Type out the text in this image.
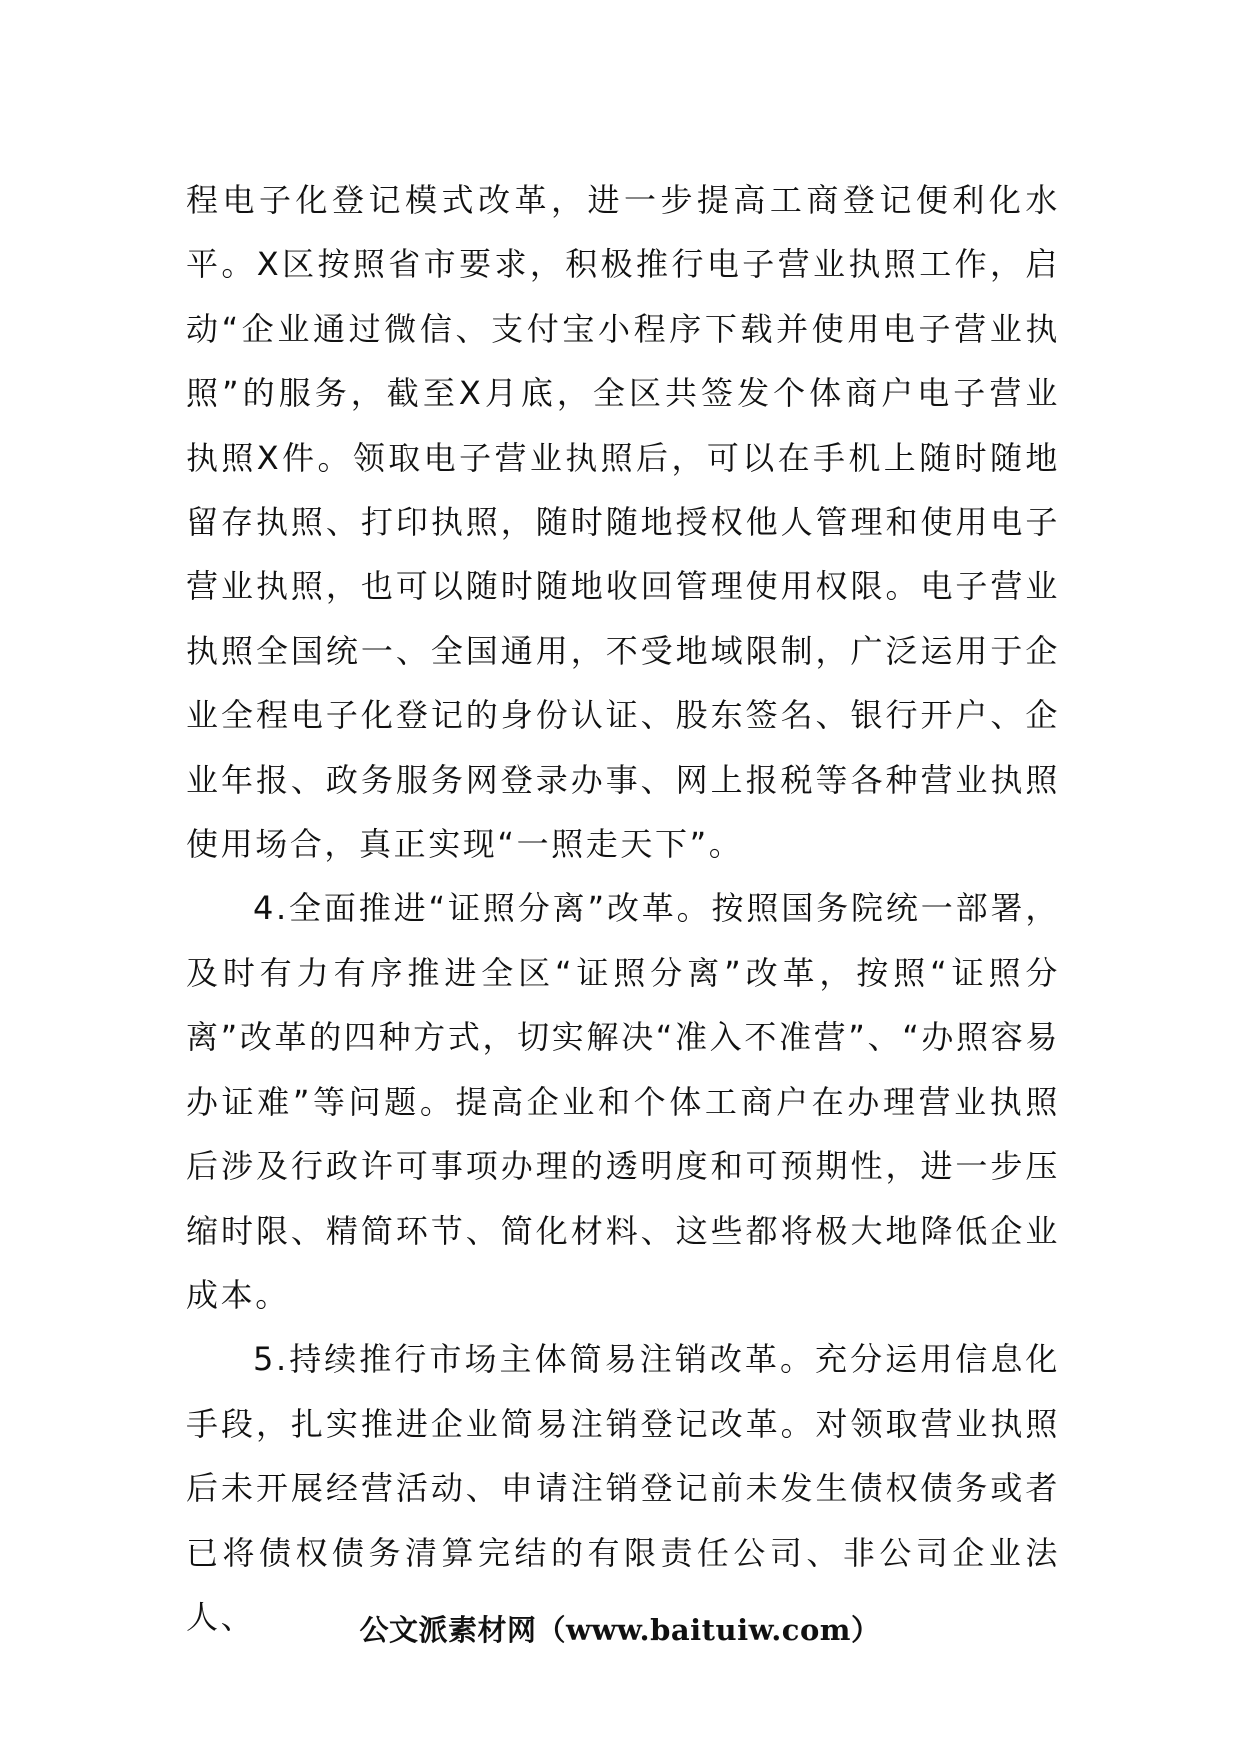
程电子化登记模式改革，进一步提高工商登记便利化水平。X区按照省市要求，积极推行电子营业执照工作，启动“企业通过微信、支付宝小程序下载并使用电子营业执照”的服务，截至X月底，全区共签发个体商户电子营业执照X件。领取电子营业执照后，可以在手机上随时随地留存执照、打印执照，随时随地授权他人管理和使用电子营业执照，也可以随时随地收回管理使用权限。电子营业执照全国统一、全国通用，不受地域限制，广泛运用于企业全程电子化登记的身份认证、股东签名、银行开户、企业年报、政务服务网登录办事、网上报税等各种营业执照使用场合，真正实现“一照走天下”。

4.全面推进“证照分离”改革。按照国务院统一部署，及时有力有序推进全区“证照分离”改革，按照“证照分离”改革的四种方式，切实解决“准入不准营”、“办照容易办证难”等问题。提高企业和个体工商户在办理营业执照后涉及行政许可事项办理的透明度和可预期性，进一步压缩时限、精简环节、简化材料、这些都将极大地降低企业成本。

5.持续推行市场主体简易注销改革。充分运用信息化手段，扎实推进企业简易注销登记改革。对领取营业执照后未开展经营活动、申请注销登记前未发生债权债务或者已将债权债务清算完结的有限责任公司、非公司企业法人、	公文派素材网（www.baituiw.com）
